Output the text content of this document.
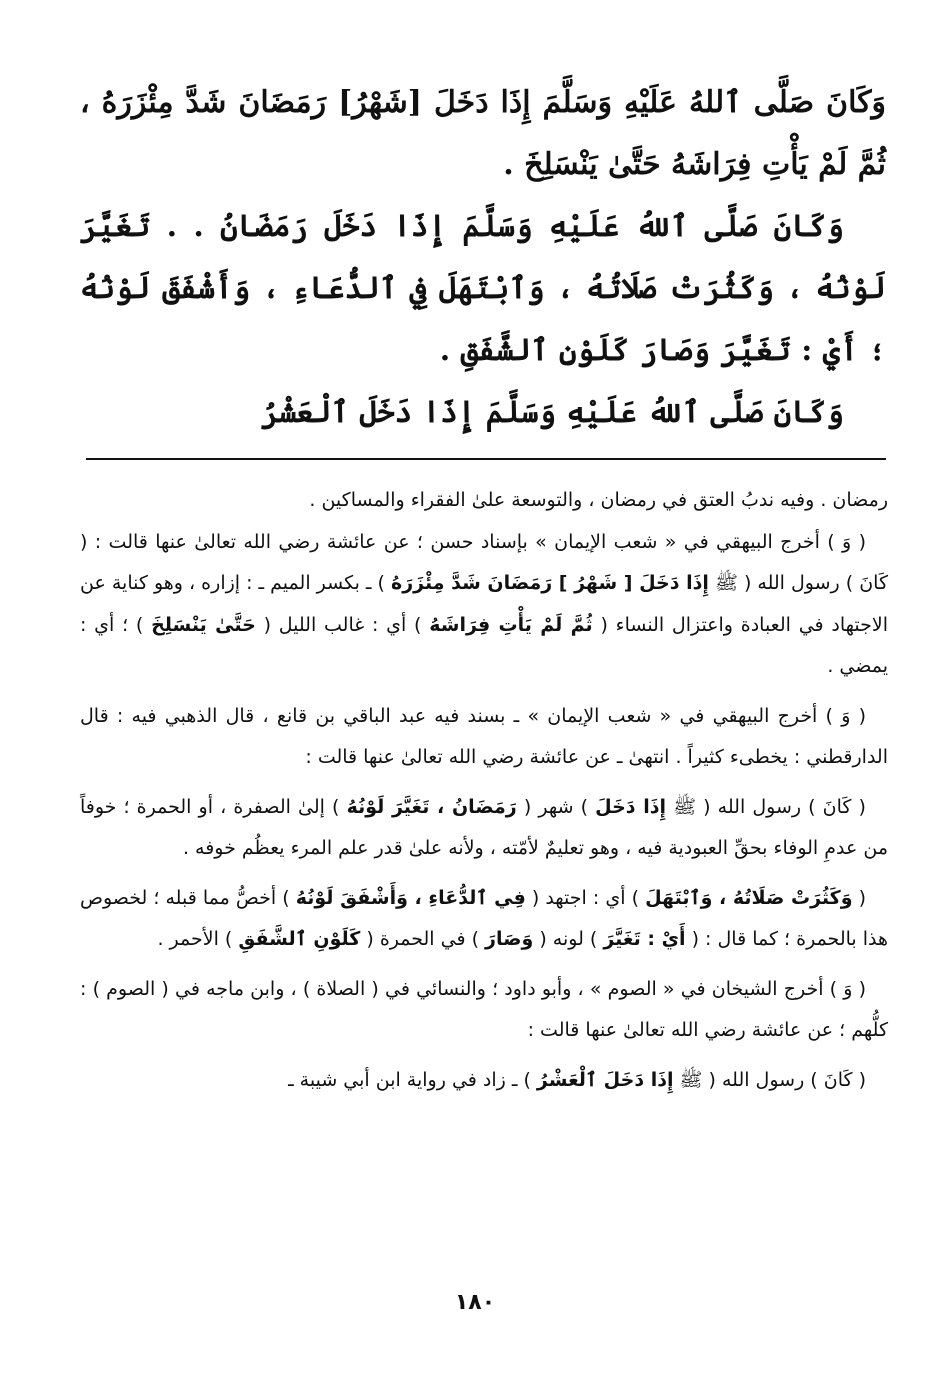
وَكَانَ صَلَّى ٱللهُ عَلَيْهِ وَسَلَّمَ إِذَا دَخَلَ [شَهْرُ] رَمَضَانَ شَدَّ مِئْزَرَهُ ، ثُمَّ لَمْ يَأْتِ فِرَاشَهُ حَتَّىٰ يَنْسَلِخَ .

وَكَانَ صَلَّى ٱللهُ عَلَيْهِ وَسَلَّمَ إِذَا دَخَلَ رَمَضَانُ . . تَغَيَّرَ لَوْنُهُ ، وَكَثُرَتْ صَلَاتُهُ ، وَٱبْتَهَلَ فِي ٱلدُّعَاءِ ، وَأَشْفَقَ لَوْنُهُ ؛ أَيْ : تَغَيَّرَ وَصَارَ كَلَوْنِ ٱلشَّفَقِ .

وَكَانَ صَلَّى ٱللهُ عَلَيْهِ وَسَلَّمَ إِذَا دَخَلَ ٱلْعَشْرُ

رمضان . وفيه ندبُ العتق في رمضان ، والتوسعة علىٰ الفقراء والمساكين .

( وَ ) أخرج البيهقي في « شعب الإيمان » بإسناد حسن ؛ عن عائشة رضي الله تعالىٰ عنها قالت : ( كَانَ ) رسول الله ( ﷺ إِذَا دَخَلَ [ شَهْرُ ] رَمَضَانَ شَدَّ مِئْزَرَهُ ) ـ بكسر الميم ـ : إزاره ، وهو كناية عن الاجتهاد في العبادة واعتزال النساء ( ثُمَّ لَمْ يَأْتِ فِرَاشَهُ ) أي : غالب الليل ( حَتَّىٰ يَنْسَلِخَ ) ؛ أي : يمضي .

( وَ ) أخرج البيهقي في « شعب الإيمان » ـ بسند فيه عبد الباقي بن قانع ، قال الذهبي فيه : قال الدارقطني : يخطىء كثيراً . انتهىٰ ـ عن عائشة رضي الله تعالىٰ عنها قالت :

( كَانَ ) رسول الله ( ﷺ إِذَا دَخَلَ ) شهر ( رَمَضَانُ ، تَغَيَّرَ لَوْنُهُ ) إلىٰ الصفرة ، أو الحمرة ؛ خوفاً من عدمِ الوفاء بحقِّ العبودية فيه ، وهو تعليمٌ لأمّته ، ولأنه علىٰ قدر علم المرء يعظُم خوفه .

( وَكَثُرَتْ صَلَاتُهُ ، وَٱبْتَهَلَ ) أي : اجتهد ( فِي ٱلدُّعَاءِ ، وَأَشْفَقَ لَوْنُهُ ) أخصُّ مما قبله ؛ لخصوص هذا بالحمرة ؛ كما قال : ( أَيْ : تَغَيَّرَ ) لونه ( وَصَارَ ) في الحمرة ( كَلَوْنِ ٱلشَّفَقِ ) الأحمر .

( وَ ) أخرج الشيخان في « الصوم » ، وأبو داود ؛ والنسائي في ( الصلاة ) ، وابن ماجه في ( الصوم ) : كلُّهم ؛ عن عائشة رضي الله تعالىٰ عنها قالت :

( كَانَ ) رسول الله ( ﷺ إِذَا دَخَلَ ٱلْعَشْرُ ) ـ زاد في رواية ابن أبي شيبة ـ

١٨٠
